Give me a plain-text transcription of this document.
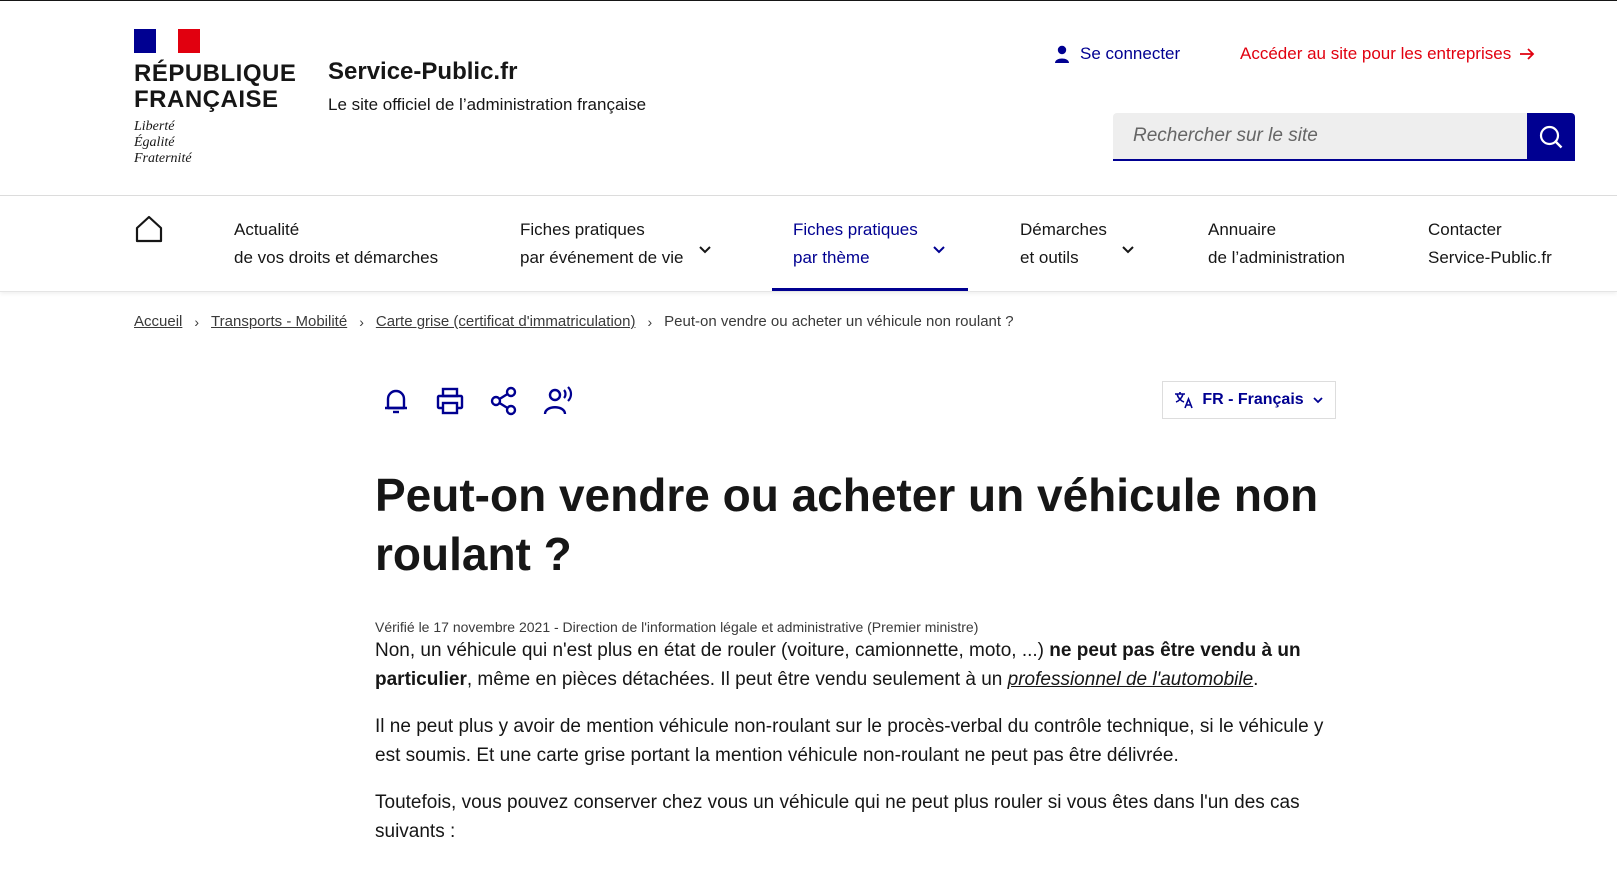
RÉPUBLIQUE
FRANÇAISE
Liberté
Égalité
Fraternité
Service-Public.fr
Le site officiel de l’administration française
Se connecter	Accéder au site pour les entreprises
Rechercher sur le site
Actualité
de vos droits et démarches
Fiches pratiques
par événement de vie
Fiches pratiques
par thème
Démarches
et outils
Annuaire
de l’administration
Contacter
Service-Public.fr
Accueil › Transports - Mobilité › Carte grise (certificat d'immatriculation) › Peut-on vendre ou acheter un véhicule non roulant ?
FR - Français
Peut-on vendre ou acheter un véhicule non roulant ?
Vérifié le 17 novembre 2021 - Direction de l'information légale et administrative (Premier ministre)

Non, un véhicule qui n'est plus en état de rouler (voiture, camionnette, moto, ...) ne peut pas être vendu à un particulier, même en pièces détachées. Il peut être vendu seulement à un professionnel de l'automobile.

Il ne peut plus y avoir de mention véhicule non-roulant sur le procès-verbal du contrôle technique, si le véhicule y est soumis. Et une carte grise portant la mention véhicule non-roulant ne peut pas être délivrée.

Toutefois, vous pouvez conserver chez vous un véhicule qui ne peut plus rouler si vous êtes dans l'un des cas suivants :
